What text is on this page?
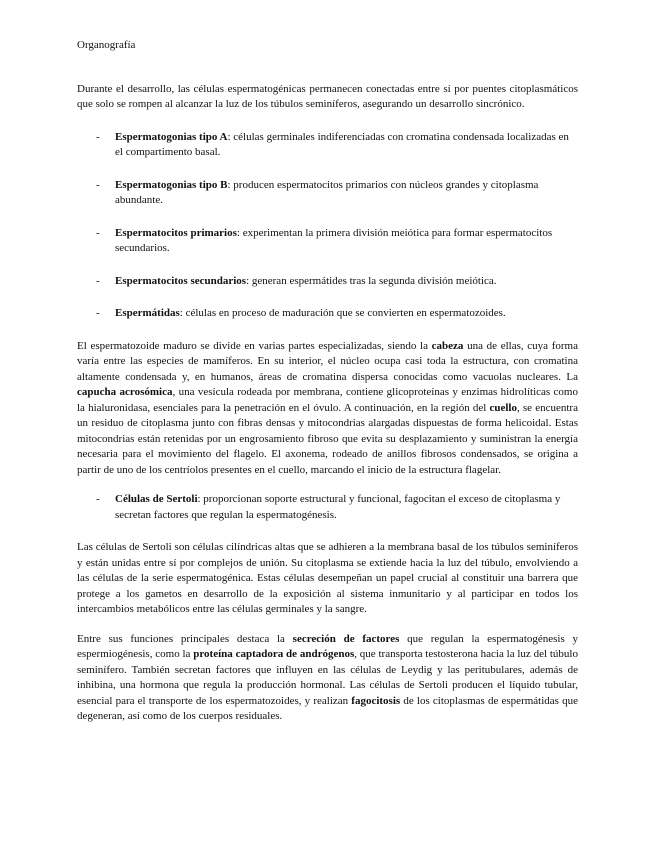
Organografía

Durante el desarrollo, las células espermatogénicas permanecen conectadas entre sí por puentes citoplasmáticos que solo se rompen al alcanzar la luz de los túbulos seminíferos, asegurando un desarrollo sincrónico.

- Espermatogonias tipo A: células germinales indiferenciadas con cromatina condensada localizadas en el compartimento basal.
- Espermatogonias tipo B: producen espermatocitos primarios con núcleos grandes y citoplasma abundante.
- Espermatocitos primarios: experimentan la primera división meiótica para formar espermatocitos secundarios.
- Espermatocitos secundarios: generan espermátides tras la segunda división meiótica.
- Espermátidas: células en proceso de maduración que se convierten en espermatozoides.

El espermatozoide maduro se divide en varias partes especializadas, siendo la cabeza una de ellas, cuya forma varía entre las especies de mamíferos. En su interior, el núcleo ocupa casi toda la estructura, con cromatina altamente condensada y, en humanos, áreas de cromatina dispersa conocidas como vacuolas nucleares. La capucha acrosómica, una vesícula rodeada por membrana, contiene glicoproteínas y enzimas hidrolíticas como la hialuronidasa, esenciales para la penetración en el óvulo. A continuación, en la región del cuello, se encuentra un residuo de citoplasma junto con fibras densas y mitocondrias alargadas dispuestas de forma helicoidal. Estas mitocondrias están retenidas por un engrosamiento fibroso que evita su desplazamiento y suministran la energía necesaria para el movimiento del flagelo. El axonema, rodeado de anillos fibrosos condensados, se origina a partir de uno de los centríolos presentes en el cuello, marcando el inicio de la estructura flagelar.

- Células de Sertoli: proporcionan soporte estructural y funcional, fagocitan el exceso de citoplasma y secretan factores que regulan la espermatogénesis.

Las células de Sertoli son células cilíndricas altas que se adhieren a la membrana basal de los túbulos seminíferos y están unidas entre sí por complejos de unión. Su citoplasma se extiende hacia la luz del túbulo, envolviendo a las células de la serie espermatogénica. Estas células desempeñan un papel crucial al constituir una barrera que protege a los gametos en desarrollo de la exposición al sistema inmunitario y al participar en todos los intercambios metabólicos entre las células germinales y la sangre.

Entre sus funciones principales destaca la secreción de factores que regulan la espermatogénesis y espermiogénesis, como la proteína captadora de andrógenos, que transporta testosterona hacia la luz del túbulo seminífero. También secretan factores que influyen en las células de Leydig y las peritubulares, además de inhibina, una hormona que regula la producción hormonal. Las células de Sertoli producen el líquido tubular, esencial para el transporte de los espermatozoides, y realizan fagocitosis de los citoplasmas de espermátidas que degeneran, así como de los cuerpos residuales.
